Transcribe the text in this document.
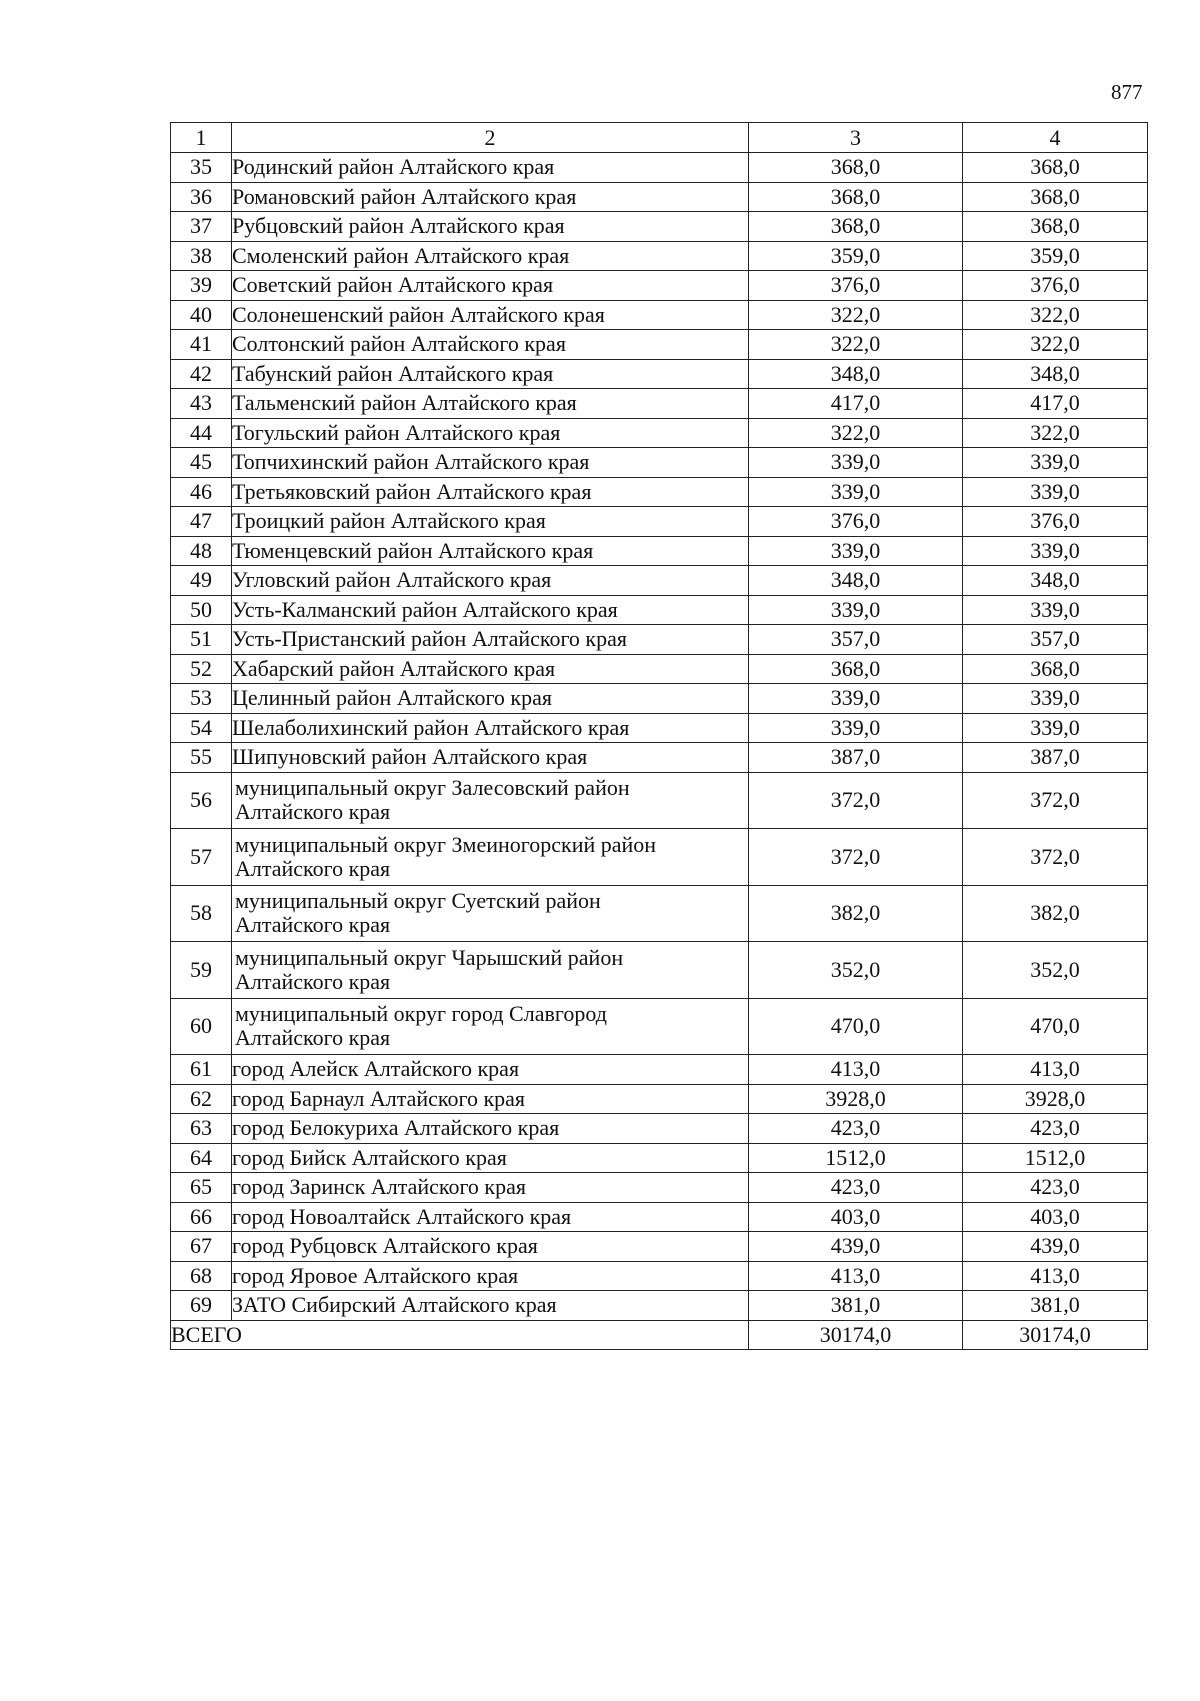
877
1	2	3	4
35	Родинский район Алтайского края	368,0	368,0
36	Романовский район Алтайского края	368,0	368,0
37	Рубцовский район Алтайского края	368,0	368,0
38	Смоленский район Алтайского края	359,0	359,0
39	Советский район Алтайского края	376,0	376,0
40	Солонешенский район Алтайского края	322,0	322,0
41	Солтонский район Алтайского края	322,0	322,0
42	Табунский район Алтайского края	348,0	348,0
43	Тальменский район Алтайского края	417,0	417,0
44	Тогульский район Алтайского края	322,0	322,0
45	Топчихинский район Алтайского края	339,0	339,0
46	Третьяковский район Алтайского края	339,0	339,0
47	Троицкий район Алтайского края	376,0	376,0
48	Тюменцевский район Алтайского края	339,0	339,0
49	Угловский район Алтайского края	348,0	348,0
50	Усть-Калманский район Алтайского края	339,0	339,0
51	Усть-Пристанский район Алтайского края	357,0	357,0
52	Хабарский район Алтайского края	368,0	368,0
53	Целинный район Алтайского края	339,0	339,0
54	Шелаболихинский район Алтайского края	339,0	339,0
55	Шипуновский район Алтайского края	387,0	387,0
56	муниципальный округ Залесовский район
Алтайского края	372,0	372,0
57	муниципальный округ Змеиногорский район
Алтайского края	372,0	372,0
58	муниципальный округ Суетский район
Алтайского края	382,0	382,0
59	муниципальный округ Чарышский район
Алтайского края	352,0	352,0
60	муниципальный округ город Славгород
Алтайского края	470,0	470,0
61	город Алейск Алтайского края	413,0	413,0
62	город Барнаул Алтайского края	3928,0	3928,0
63	город Белокуриха Алтайского края	423,0	423,0
64	город Бийск Алтайского края	1512,0	1512,0
65	город Заринск Алтайского края	423,0	423,0
66	город Новоалтайск Алтайского края	403,0	403,0
67	город Рубцовск Алтайского края	439,0	439,0
68	город Яровое Алтайского края	413,0	413,0
69	ЗАТО Сибирский Алтайского края	381,0	381,0
ВСЕГО		30174,0	30174,0
